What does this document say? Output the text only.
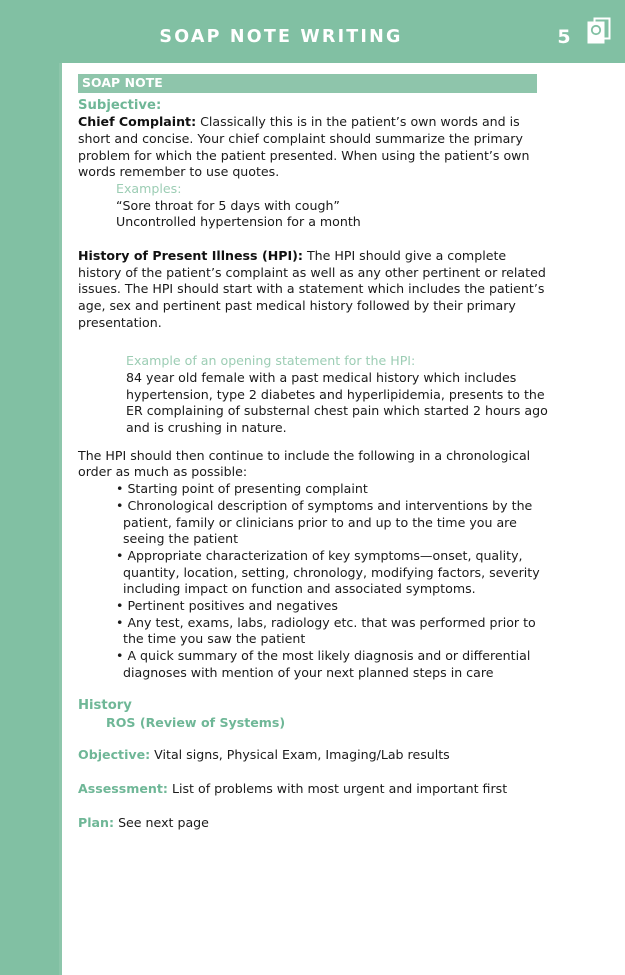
SOAP NOTE WRITING	5
SOAP NOTE
Subjective:

Chief Complaint: Classically this is in the patient’s own words and is short and concise. Your chief complaint should summarize the primary problem for which the patient presented. When using the patient’s own words remember to use quotes.

Examples:
“Sore throat for 5 days with cough”
Uncontrolled hypertension for a month

History of Present Illness (HPI): The HPI should give a complete history of the patient’s complaint as well as any other pertinent or related issues. The HPI should start with a statement which includes the patient’s age, sex and pertinent past medical history followed by their primary presentation.

Example of an opening statement for the HPI:
84 year old female with a past medical history which includes hypertension, type 2 diabetes and hyperlipidemia, presents to the ER complaining of substernal chest pain which started 2 hours ago and is crushing in nature.

The HPI should then continue to include the following in a chronological order as much as possible:

• Starting point of presenting complaint
• Chronological description of symptoms and interventions by the patient, family or clinicians prior to and up to the time you are seeing the patient
• Appropriate characterization of key symptoms—onset, quality, quantity, location, setting, chronology, modifying factors, severity including impact on function and associated symptoms.
• Pertinent positives and negatives
• Any test, exams, labs, radiology etc. that was performed prior to the time you saw the patient
• A quick summary of the most likely diagnosis and or differential diagnoses with mention of your next planned steps in care
History
ROS (Review of Systems)

Objective: Vital signs, Physical Exam, Imaging/Lab results

Assessment: List of problems with most urgent and important first

Plan: See next page
